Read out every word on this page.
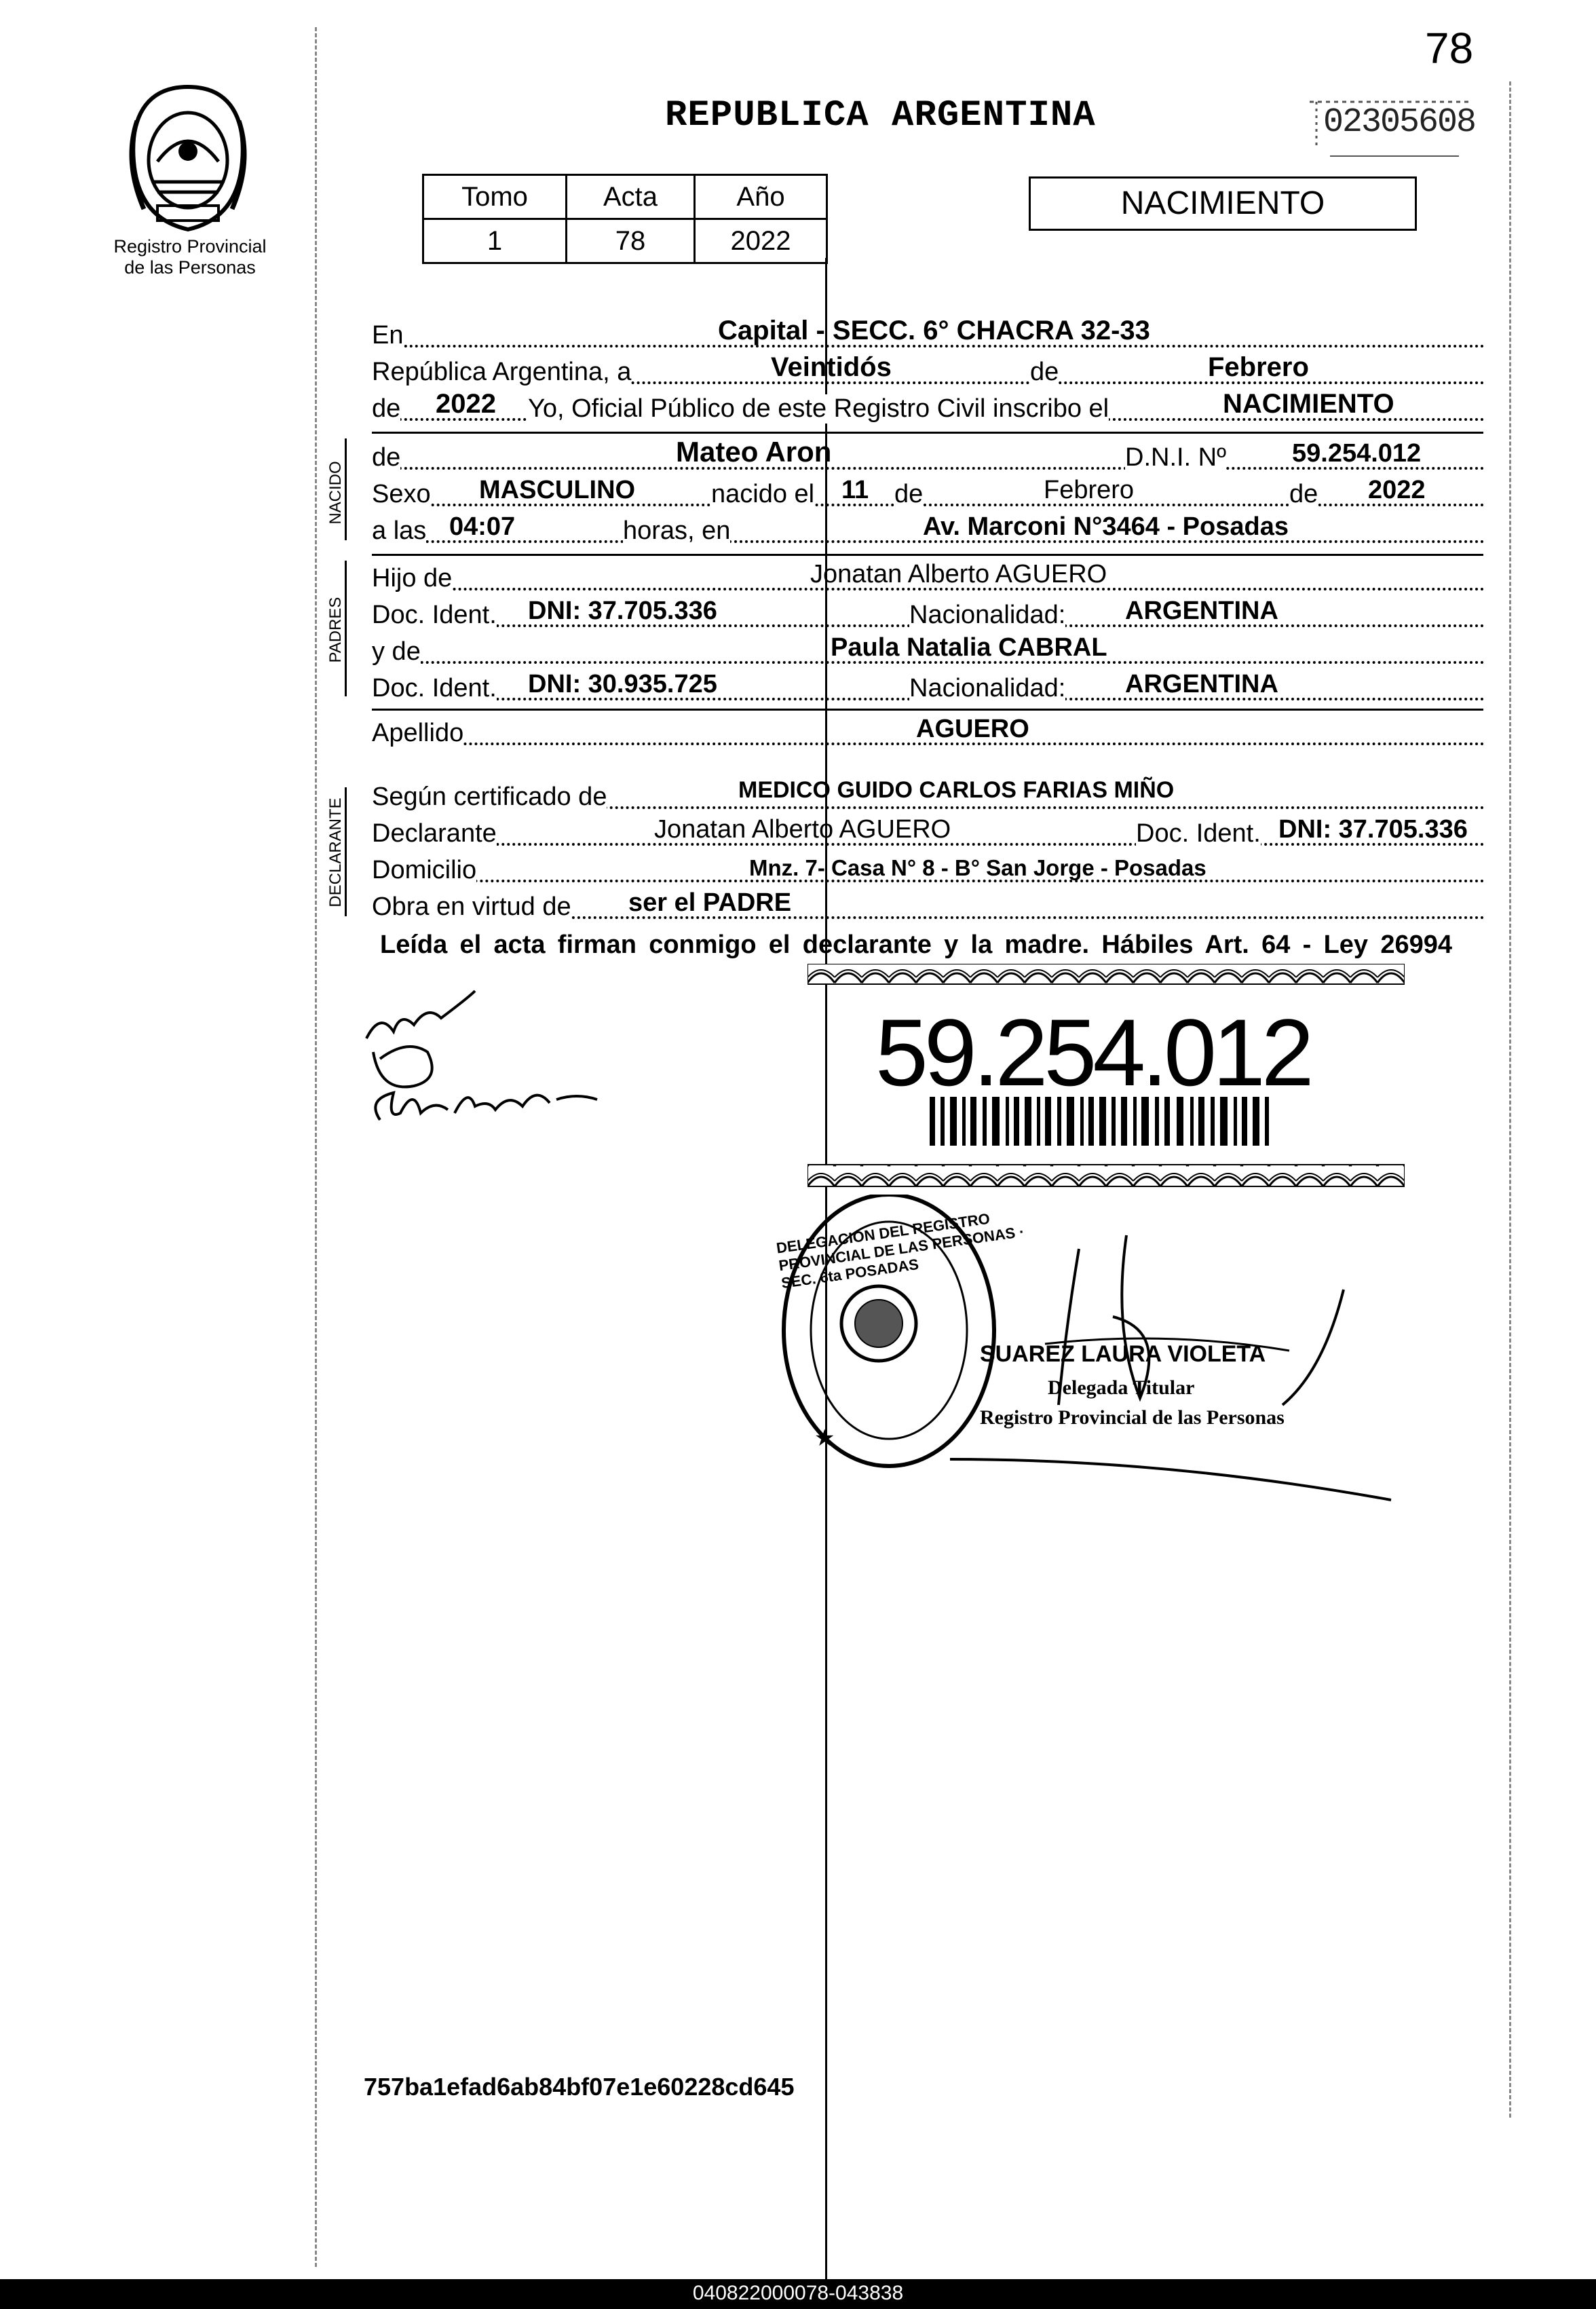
78
02305608
Registro Provincial
de las Personas
REPUBLICA ARGENTINA
Tomo	Acta	Año
1	78	2022
NACIMIENTO
En	Capital - SECC. 6° CHACRA 32-33
República Argentina, a	Veintidós	de	Febrero
de 2022 Yo, Oficial Público de este Registro Civil inscribo el	NACIMIENTO
NACIDO
de	Mateo Aron	D.N.I. Nº	59.254.012
Sexo MASCULINO	nacido el 11 de	Febrero	de 2022
a las 04:07	horas, en	Av. Marconi N°3464 - Posadas
PADRES
Hijo de	Jonatan Alberto AGUERO
Doc. Ident. DNI: 37.705.336	Nacionalidad: ARGENTINA
y de	Paula Natalia CABRAL
Doc. Ident. DNI: 30.935.725	Nacionalidad: ARGENTINA
Apellido	AGUERO
DECLARANTE
Según certificado de	MEDICO GUIDO CARLOS FARIAS MIÑO
Declarante	Jonatan Alberto AGUERO	Doc. Ident. DNI: 37.705.336
Domicilio	Mnz. 7- Casa N° 8 - B° San Jorge - Posadas
Obra en virtud de ser el PADRE
Leída el acta firman conmigo el declarante y la madre. Hábiles Art. 64 - Ley 26994
59.254.012
★
DELEGACION DEL REGISTRO PROVINCIAL DE LAS PERSONAS · SEC. 6ta POSADAS
SUAREZ LAURA VIOLETA
Delegada Titular
Registro Provincial de las Personas
757ba1efad6ab84bf07e1e60228cd645
040822000078-043838
